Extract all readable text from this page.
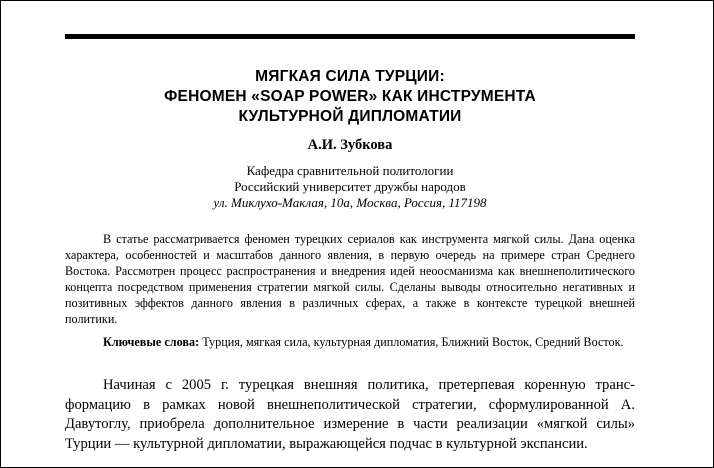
МЯГКАЯ СИЛА ТУРЦИИ:
ФЕНОМЕН «SOAP POWER» КАК ИНСТРУМЕНТА
КУЛЬТУРНОЙ ДИПЛОМАТИИ
А.И. Зубкова
Кафедра сравнительной политологии
Российский университет дружбы народов
ул. Миклухо-Маклая, 10а, Москва, Россия, 117198

В статье рассматривается феномен турецких сериалов как инструмента мягкой силы. Дана оценка характера, особенностей и масштабов данного явления, в первую очередь на примере стран Среднего Востока. Рассмотрен процесс распространения и внедрения идей неоосманизма как внешнеполитического концепта посредством применения стратегии мягкой силы. Сделаны выводы относительно негативных и позитивных эффектов данного явления в различных сферах, а также в контексте турецкой внешней политики.

Ключевые слова: Турция, мягкая сила, культурная дипломатия, Ближний Восток, Средний Восток.

Начиная с 2005 г. турецкая внешняя политика, претерпевая коренную трансформацию в рамках новой внешнеполитической стратегии, сформулированной А. Давутоглу, приобрела дополнительное измерение в части реализации «мягкой силы» Турции — культурной дипломатии, выражающейся подчас в культурной экспансии.
